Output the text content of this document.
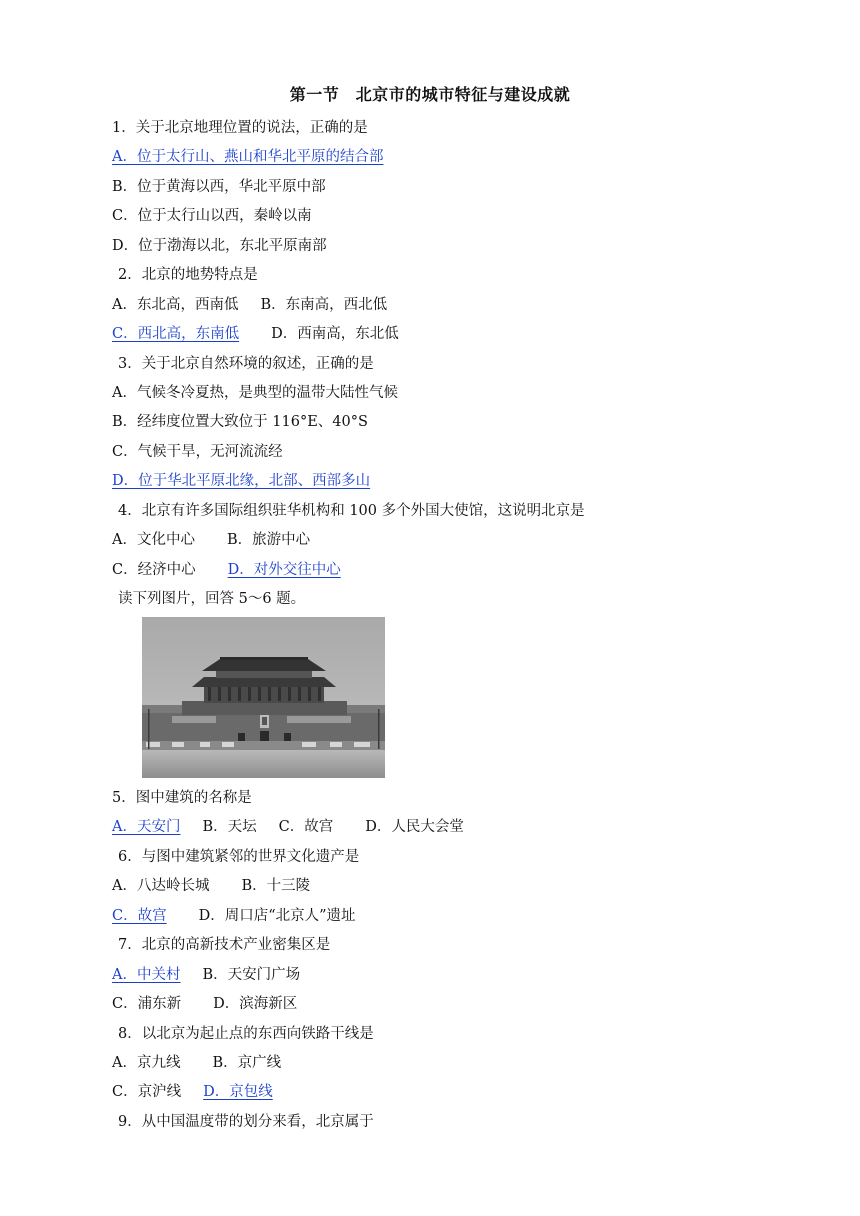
第一节　北京市的城市特征与建设成就
1．关于北京地理位置的说法，正确的是
A．位于太行山、燕山和华北平原的结合部
B．位于黄海以西，华北平原中部
C．位于太行山以西，秦岭以南
D．位于渤海以北，东北平原南部
2．北京的地势特点是
A．东北高，西南低 B．东南高，西北低
C．西北高，东南低 D．西南高，东北低
3．关于北京自然环境的叙述，正确的是
A．气候冬冷夏热，是典型的温带大陆性气候
B．经纬度位置大致位于 116°E、40°S
C．气候干旱，无河流流经
D．位于华北平原北缘，北部、西部多山
4．北京有许多国际组织驻华机构和 100 多个外国大使馆，这说明北京是
A．文化中心 B．旅游中心
C．经济中心 D．对外交往中心
读下列图片，回答 5～6 题。
5．图中建筑的名称是
A．天安门 B．天坛 C．故宫 D．人民大会堂
6．与图中建筑紧邻的世界文化遗产是
A．八达岭长城 B．十三陵
C．故宫 D．周口店“北京人”遗址
7．北京的高新技术产业密集区是
A．中关村 B．天安门广场
C．浦东新 D．滨海新区
8．以北京为起止点的东西向铁路干线是
A．京九线 B．京广线
C．京沪线 D．京包线
9．从中国温度带的划分来看，北京属于
